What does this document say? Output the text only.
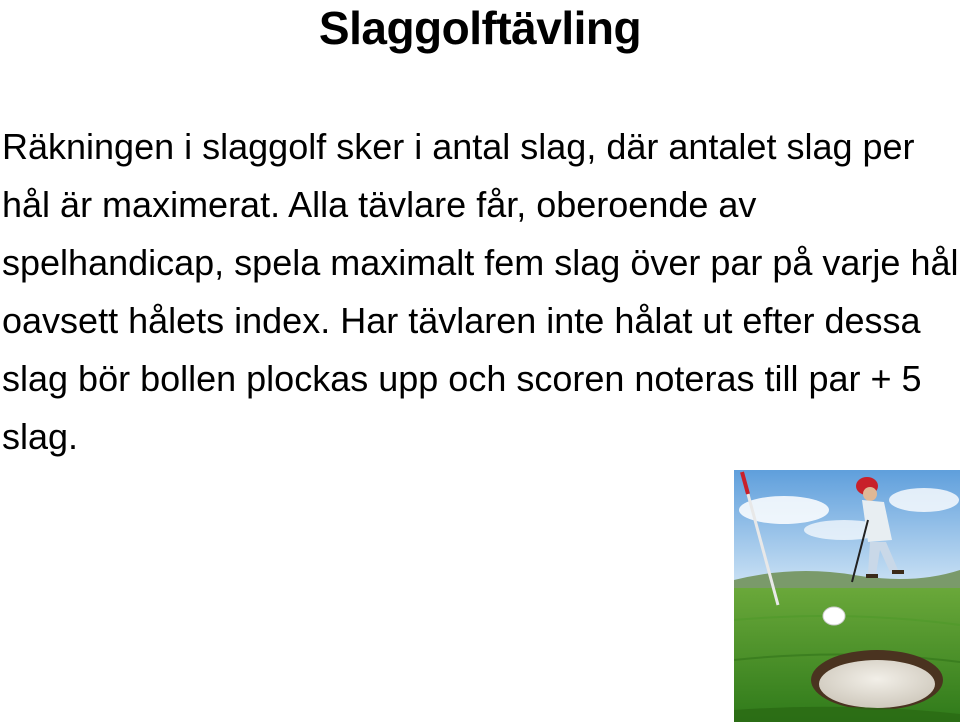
Slaggolftävling

Räkningen i slaggolf sker i antal slag, där antalet slag per hål är maximerat. Alla tävlare får, oberoende av spelhandicap, spela maximalt fem slag över par på varje hål oavsett hålets index. Har tävlaren inte hålat ut efter dessa slag bör bollen plockas upp och scoren noteras till par + 5 slag.
